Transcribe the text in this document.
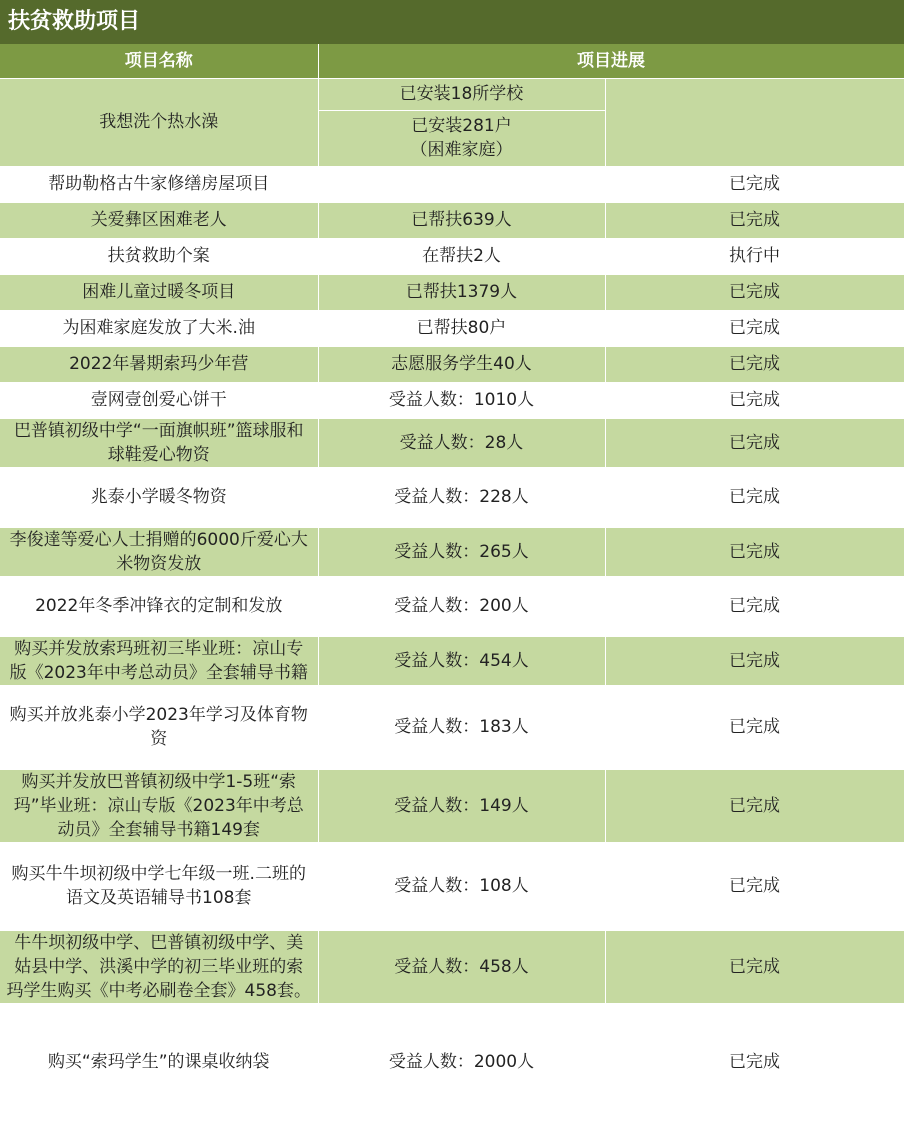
扶贫救助项目
项目名称	项目进展	
我想洗个热水澡	已安装18所学校	

	已安装281户
（困难家庭）	

帮助勒格古牛家修缮房屋项目		已完成
关爱彝区困难老人	已帮扶639人	已完成
扶贫救助个案	在帮扶2人	执行中
困难儿童过暖冬项目	已帮扶1379人	已完成
为困难家庭发放了大米.油	已帮扶80户	已完成
2022年暑期索玛少年营	志愿服务学生40人	已完成
壹网壹创爱心饼干	受益人数：1010人	已完成
巴普镇初级中学“一面旗帜班”篮球服和球鞋爱心物资	受益人数：28人	已完成
兆泰小学暖冬物资	受益人数：228人	已完成
李俊達等爱心人士捐赠的6000斤爱心大米物资发放	受益人数：265人	已完成
2022年冬季冲锋衣的定制和发放	受益人数：200人	已完成
购买并发放索玛班初三毕业班：凉山专版《2023年中考总动员》全套辅导书籍	受益人数：454人	已完成
购买并放兆泰小学2023年学习及体育物资	受益人数：183人	已完成
购买并发放巴普镇初级中学1-5班“索玛”毕业班：凉山专版《2023年中考总动员》全套辅导书籍149套	受益人数：149人	已完成
购买牛牛坝初级中学七年级一班.二班的语文及英语辅导书108套	受益人数：108人	已完成
牛牛坝初级中学、巴普镇初级中学、美姑县中学、洪溪中学的初三毕业班的索玛学生购买《中考必刷卷全套》458套。	受益人数：458人	已完成
购买“索玛学生”的课桌收纳袋	受益人数：2000人	已完成
